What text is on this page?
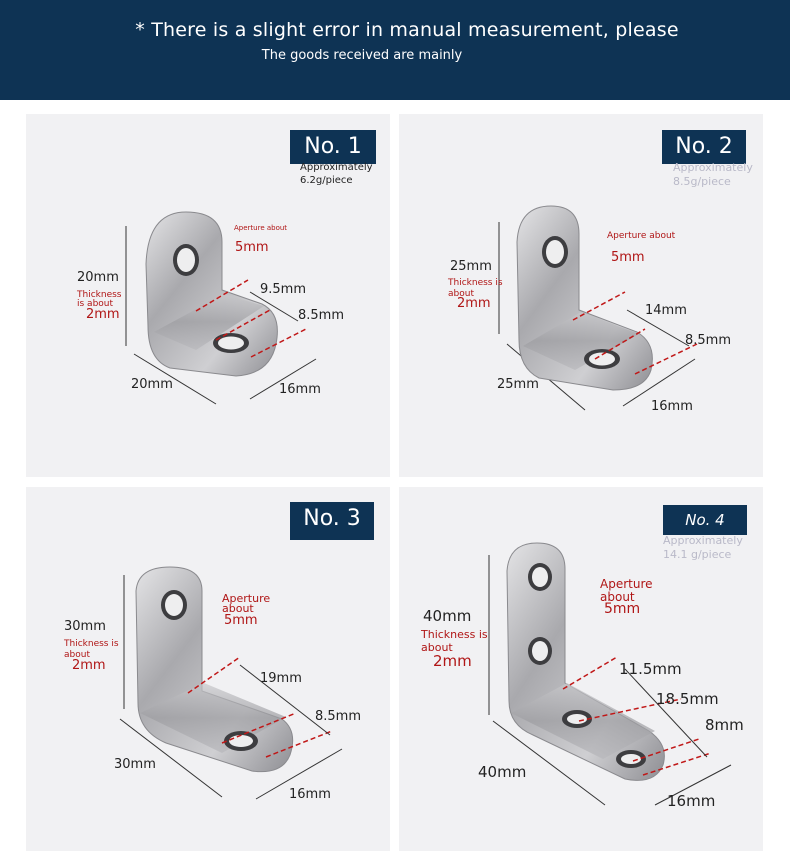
* There is a slight error in manual measurement, please
The goods received are mainly
No. 1
Approximately
6.2g/piece
Aperture about
5mm
20mm
Thickness
is about
2mm
9.5mm
8.5mm
20mm	16mm
No. 2
Approximately
8.5g/piece
Aperture about
5mm
25mm
Thickness is
about
2mm	14mm
8.5mm
25mm
16mm
No. 3
Aperture
about
5mm
30mm
Thickness is
about
2mm
19mm
8.5mm
30mm
16mm
No. 4
Approximately
14.1 g/piece
Aperture
about
5mm
40mm
Thickness is
about
2mm	11.5mm
18.5mm
8mm
40mm
16mm
